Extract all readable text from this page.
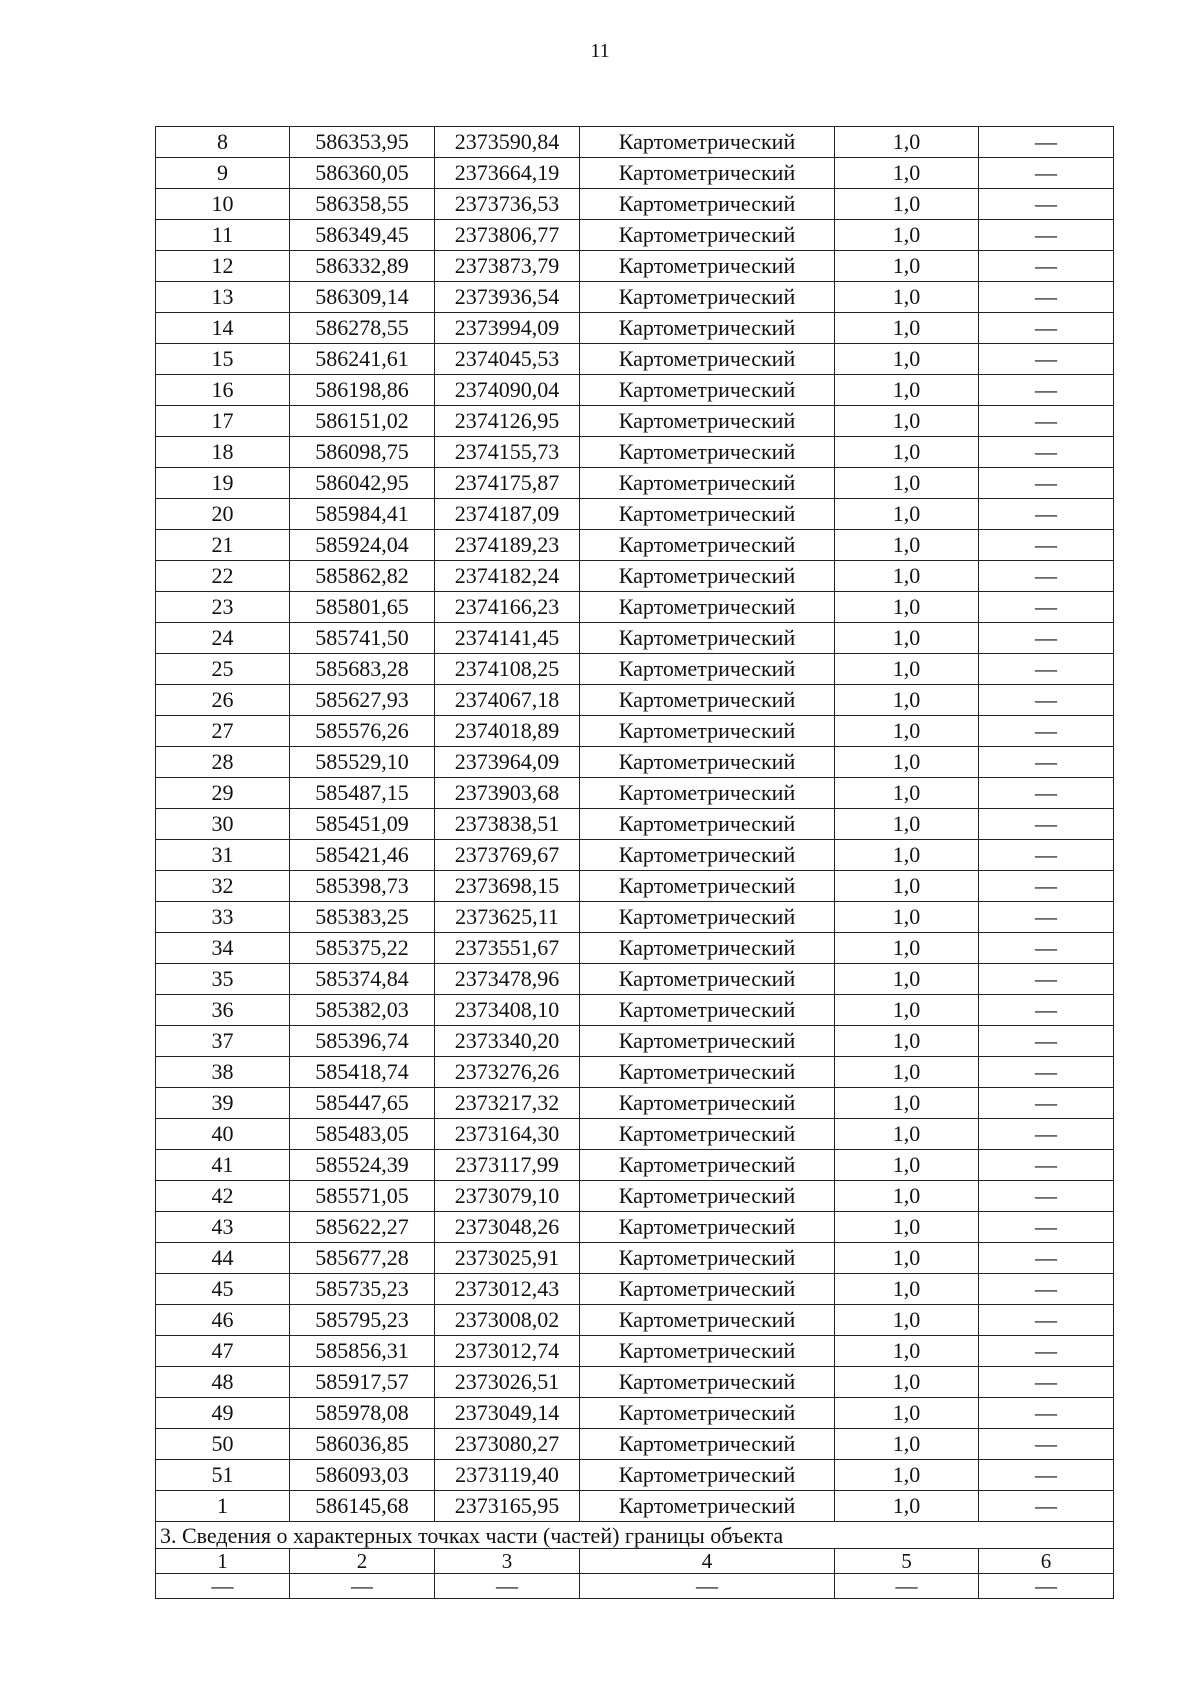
11
8	586353,95	2373590,84	Картометрический	1,0	—
9	586360,05	2373664,19	Картометрический	1,0	—
10	586358,55	2373736,53	Картометрический	1,0	—
11	586349,45	2373806,77	Картометрический	1,0	—
12	586332,89	2373873,79	Картометрический	1,0	—
13	586309,14	2373936,54	Картометрический	1,0	—
14	586278,55	2373994,09	Картометрический	1,0	—
15	586241,61	2374045,53	Картометрический	1,0	—
16	586198,86	2374090,04	Картометрический	1,0	—
17	586151,02	2374126,95	Картометрический	1,0	—
18	586098,75	2374155,73	Картометрический	1,0	—
19	586042,95	2374175,87	Картометрический	1,0	—
20	585984,41	2374187,09	Картометрический	1,0	—
21	585924,04	2374189,23	Картометрический	1,0	—
22	585862,82	2374182,24	Картометрический	1,0	—
23	585801,65	2374166,23	Картометрический	1,0	—
24	585741,50	2374141,45	Картометрический	1,0	—
25	585683,28	2374108,25	Картометрический	1,0	—
26	585627,93	2374067,18	Картометрический	1,0	—
27	585576,26	2374018,89	Картометрический	1,0	—
28	585529,10	2373964,09	Картометрический	1,0	—
29	585487,15	2373903,68	Картометрический	1,0	—
30	585451,09	2373838,51	Картометрический	1,0	—
31	585421,46	2373769,67	Картометрический	1,0	—
32	585398,73	2373698,15	Картометрический	1,0	—
33	585383,25	2373625,11	Картометрический	1,0	—
34	585375,22	2373551,67	Картометрический	1,0	—
35	585374,84	2373478,96	Картометрический	1,0	—
36	585382,03	2373408,10	Картометрический	1,0	—
37	585396,74	2373340,20	Картометрический	1,0	—
38	585418,74	2373276,26	Картометрический	1,0	—
39	585447,65	2373217,32	Картометрический	1,0	—
40	585483,05	2373164,30	Картометрический	1,0	—
41	585524,39	2373117,99	Картометрический	1,0	—
42	585571,05	2373079,10	Картометрический	1,0	—
43	585622,27	2373048,26	Картометрический	1,0	—
44	585677,28	2373025,91	Картометрический	1,0	—
45	585735,23	2373012,43	Картометрический	1,0	—
46	585795,23	2373008,02	Картометрический	1,0	—
47	585856,31	2373012,74	Картометрический	1,0	—
48	585917,57	2373026,51	Картометрический	1,0	—
49	585978,08	2373049,14	Картометрический	1,0	—
50	586036,85	2373080,27	Картометрический	1,0	—
51	586093,03	2373119,40	Картометрический	1,0	—
1	586145,68	2373165,95	Картометрический	1,0	—
3. Сведения о характерных точках части (частей) границы объекта					
1	2	3	4	5	6
—	—	—	—	—	—
